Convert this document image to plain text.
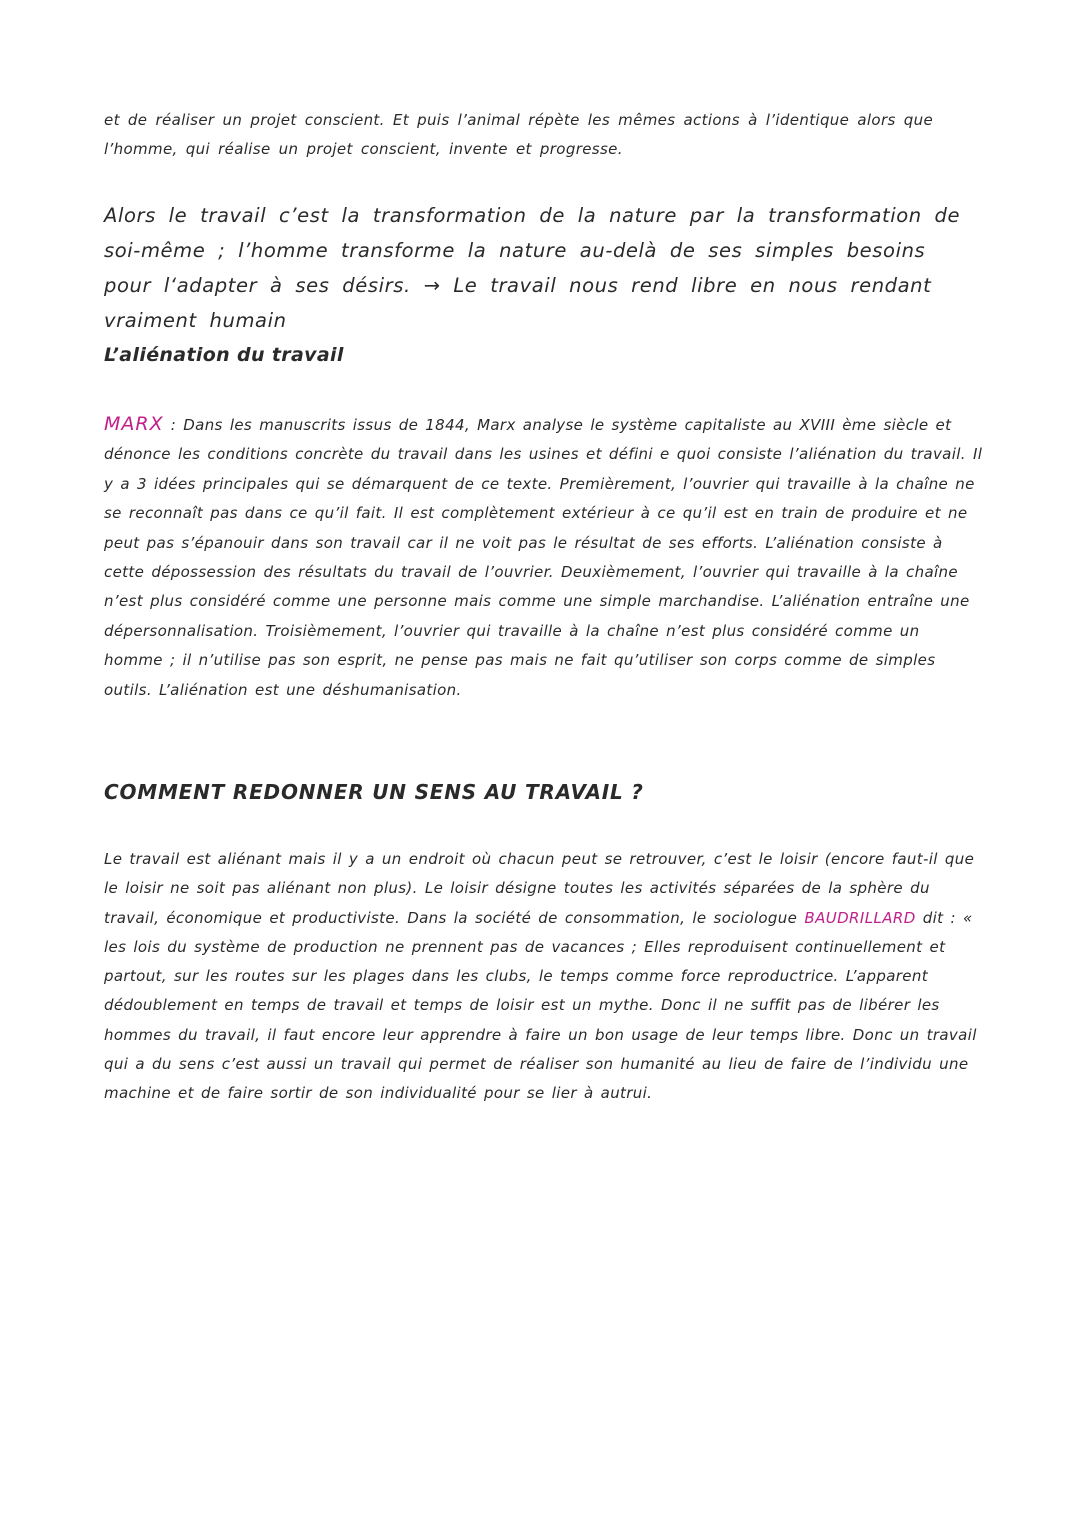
et de réaliser un projet conscient. Et puis l’animal répète les mêmes actions à l’identique alors que l’homme, qui réalise un projet conscient, invente et progresse.

Alors le travail c’est la transformation de la nature par la transformation de soi-même ; l’homme transforme la nature au-delà de ses simples besoins pour l‘adapter à ses désirs. → Le travail nous rend libre en nous rendant vraiment humain

L’aliénation du travail

MARX : Dans les manuscrits issus de 1844, Marx analyse le système capitaliste au XVIII ème siècle et dénonce les conditions concrète du travail dans les usines et défini e quoi consiste l’aliénation du travail. Il y a 3 idées principales qui se démarquent de ce texte. Premièrement, l’ouvrier qui travaille à la chaîne ne se reconnaît pas dans ce qu’il fait. Il est complètement extérieur à ce qu’il est en train de produire et ne peut pas s’épanouir dans son travail car il ne voit pas le résultat de ses efforts. L’aliénation consiste à cette dépossession des résultats du travail de l’ouvrier. Deuxièmement, l’ouvrier qui travaille à la chaîne n’est plus considéré comme une personne mais comme une simple marchandise. L’aliénation entraîne une dépersonnalisation. Troisièmement, l’ouvrier qui travaille à la chaîne n’est plus considéré comme un homme ; il n’utilise pas son esprit, ne pense pas mais ne fait qu’utiliser son corps comme de simples outils. L’aliénation est une déshumanisation.

COMMENT REDONNER UN SENS AU TRAVAIL ?

Le travail est aliénant mais il y a un endroit où chacun peut se retrouver, c’est le loisir (encore faut-il que le loisir ne soit pas aliénant non plus). Le loisir désigne toutes les activités séparées de la sphère du travail, économique et productiviste. Dans la société de consommation, le sociologue BAUDRILLARD dit : « les lois du système de production ne prennent pas de vacances ; Elles reproduisent continuellement et partout, sur les routes sur les plages dans les clubs, le temps comme force reproductrice. L’apparent dédoublement en temps de travail et temps de loisir est un mythe. Donc il ne suffit pas de libérer les hommes du travail, il faut encore leur apprendre à faire un bon usage de leur temps libre. Donc un travail qui a du sens c’est aussi un travail qui permet de réaliser son humanité au lieu de faire de l’individu une machine et de faire sortir de son individualité pour se lier à autrui.
